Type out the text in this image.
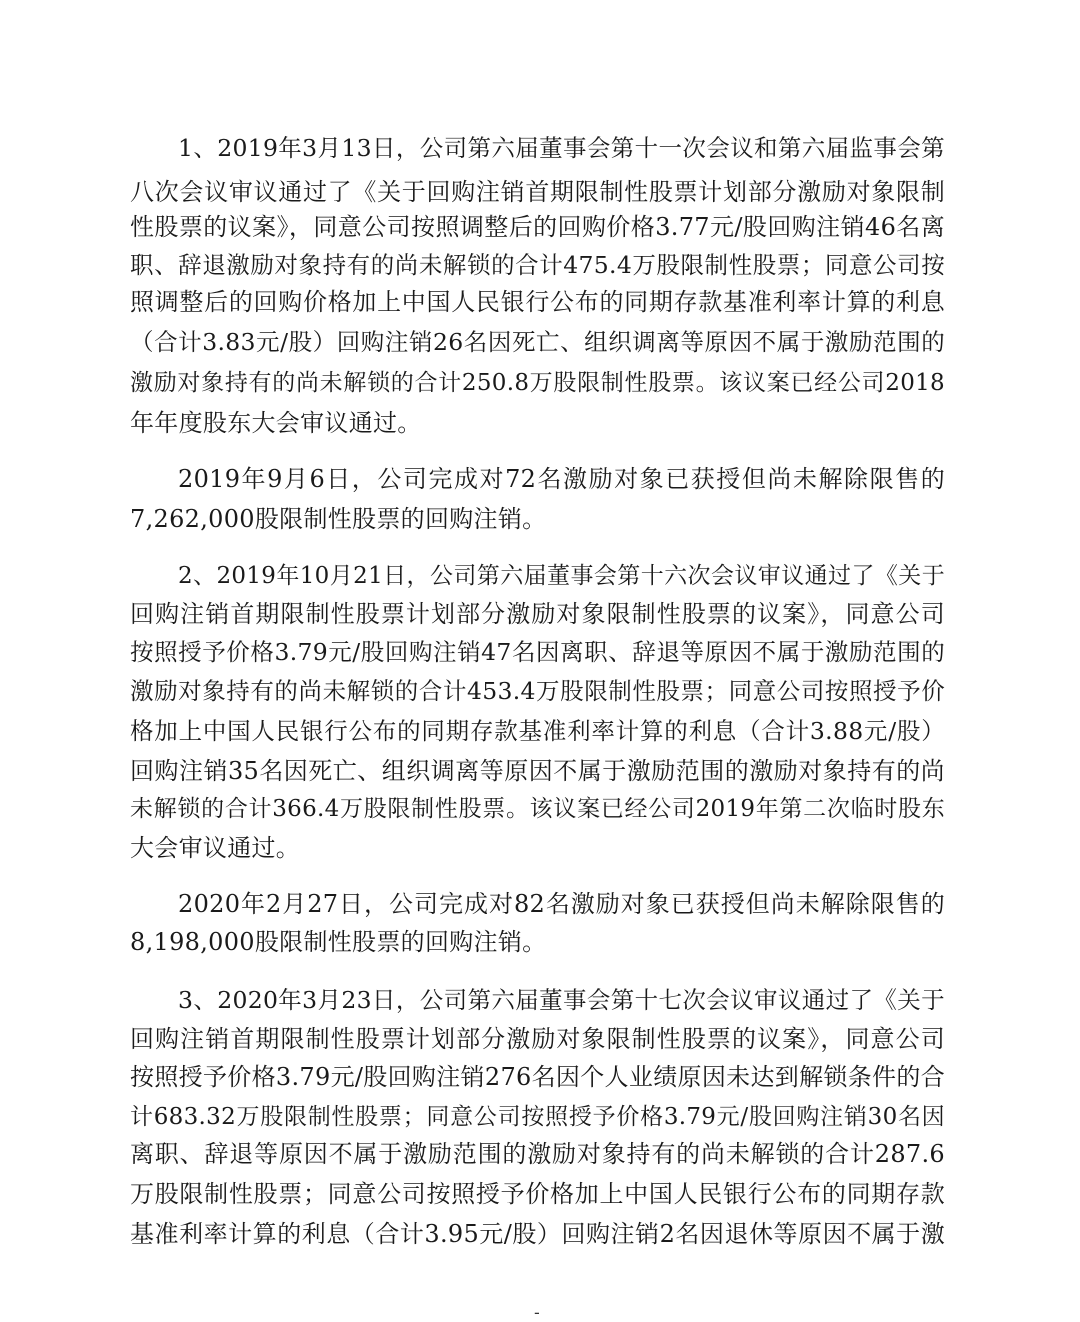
1、2019年3月13日，公司第六届董事会第十一次会议和第六届监事会第
八次会议审议通过了《关于回购注销首期限制性股票计划部分激励对象限制
性股票的议案》，同意公司按照调整后的回购价格3.77元/股回购注销46名离
职、辞退激励对象持有的尚未解锁的合计475.4万股限制性股票；同意公司按
照调整后的回购价格加上中国人民银行公布的同期存款基准利率计算的利息
（合计3.83元/股）回购注销26名因死亡、组织调离等原因不属于激励范围的
激励对象持有的尚未解锁的合计250.8万股限制性股票。该议案已经公司2018
年年度股东大会审议通过。
2019年9月6日，公司完成对72名激励对象已获授但尚未解除限售的
7,262,000股限制性股票的回购注销。
2、2019年10月21日，公司第六届董事会第十六次会议审议通过了《关于
回购注销首期限制性股票计划部分激励对象限制性股票的议案》，同意公司
按照授予价格3.79元/股回购注销47名因离职、辞退等原因不属于激励范围的
激励对象持有的尚未解锁的合计453.4万股限制性股票；同意公司按照授予价
格加上中国人民银行公布的同期存款基准利率计算的利息（合计3.88元/股）
回购注销35名因死亡、组织调离等原因不属于激励范围的激励对象持有的尚
未解锁的合计366.4万股限制性股票。该议案已经公司2019年第二次临时股东
大会审议通过。
2020年2月27日，公司完成对82名激励对象已获授但尚未解除限售的
8,198,000股限制性股票的回购注销。
3、2020年3月23日，公司第六届董事会第十七次会议审议通过了《关于
回购注销首期限制性股票计划部分激励对象限制性股票的议案》，同意公司
按照授予价格3.79元/股回购注销276名因个人业绩原因未达到解锁条件的合
计683.32万股限制性股票；同意公司按照授予价格3.79元/股回购注销30名因
离职、辞退等原因不属于激励范围的激励对象持有的尚未解锁的合计287.6
万股限制性股票；同意公司按照授予价格加上中国人民银行公布的同期存款
基准利率计算的利息（合计3.95元/股）回购注销2名因退休等原因不属于激
-
